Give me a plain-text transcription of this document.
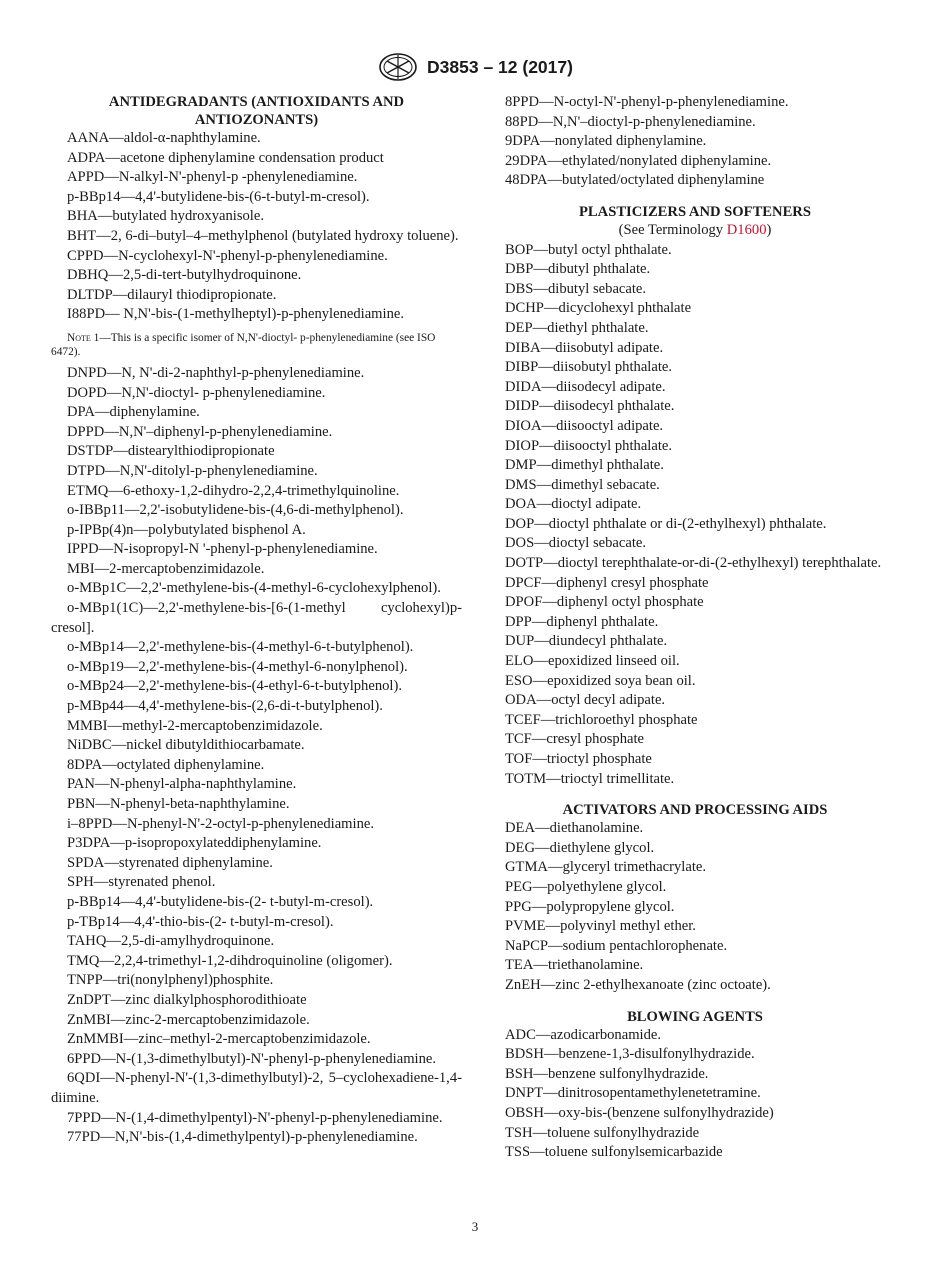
D3853 – 12 (2017)
ANTIDEGRADANTS (ANTIOXIDANTS AND ANTIOZONANTS)
AANA—aldol-α-naphthylamine.
ADPA—acetone diphenylamine condensation product
APPD—N-alkyl-N'-phenyl-p -phenylenediamine.
p-BBp14—4,4'-butylidene-bis-(6-t-butyl-m-cresol).
BHA—butylated hydroxyanisole.
BHT—2, 6-di–butyl–4–methylphenol (butylated hydroxy toluene).
CPPD—N-cyclohexyl-N'-phenyl-p-phenylenediamine.
DBHQ—2,5-di-tert-butylhydroquinone.
DLTDP—dilauryl thiodipropionate.
I88PD— N,N'-bis-(1-methylheptyl)-p-phenylenediamine.
Note 1—This is a specific isomer of N,N'-dioctyl- p-phenylenediamine (see ISO 6472).
DNPD—N, N'-di-2-naphthyl-p-phenylenediamine.
DOPD—N,N'-dioctyl- p-phenylenediamine.
DPA—diphenylamine.
DPPD—N,N'–diphenyl-p-phenylenediamine.
DSTDP—distearylthiodipropionate
DTPD—N,N'-ditolyl-p-phenylenediamine.
ETMQ—6-ethoxy-1,2-dihydro-2,2,4-trimethylquinoline.
o-IBBp11—2,2'-isobutylidene-bis-(4,6-di-methylphenol).
p-IPBp(4)n—polybutylated bisphenol A.
IPPD—N-isopropyl-N '-phenyl-p-phenylenediamine.
MBI—2-mercaptobenzimidazole.
o-MBp1C—2,2'-methylene-bis-(4-methyl-6-cyclohexylphenol).
o-MBp1(1C)—2,2'-methylene-bis-[6-(1-methyl cyclohexyl)p-cresol].
o-MBp14—2,2'-methylene-bis-(4-methyl-6-t-butylphenol).
o-MBp19—2,2'-methylene-bis-(4-methyl-6-nonylphenol).
o-MBp24—2,2'-methylene-bis-(4-ethyl-6-t-butylphenol).
p-MBp44—4,4'-methylene-bis-(2,6-di-t-butylphenol).
MMBI—methyl-2-mercaptobenzimidazole.
NiDBC—nickel dibutyldithiocarbamate.
8DPA—octylated diphenylamine.
PAN—N-phenyl-alpha-naphthylamine.
PBN—N-phenyl-beta-naphthylamine.
i–8PPD—N-phenyl-N'-2-octyl-p-phenylenediamine.
P3DPA—p-isopropoxylateddiphenylamine.
SPDA—styrenated diphenylamine.
SPH—styrenated phenol.
p-BBp14—4,4'-butylidene-bis-(2- t-butyl-m-cresol).
p-TBp14—4,4'-thio-bis-(2- t-butyl-m-cresol).
TAHQ—2,5-di-amylhydroquinone.
TMQ—2,2,4-trimethyl-1,2-dihdroquinoline (oligomer).
TNPP—tri(nonylphenyl)phosphite.
ZnDPT—zinc dialkylphosphorodithioate
ZnMBI—zinc-2-mercaptobenzimidazole.
ZnMMBI—zinc–methyl-2-mercaptobenzimidazole.
6PPD—N-(1,3-dimethylbutyl)-N'-phenyl-p-phenylenediamine.
6QDI—N-phenyl-N'-(1,3-dimethylbutyl)-2, 5–cyclohexadiene-1,4-diimine.
7PPD—N-(1,4-dimethylpentyl)-N'-phenyl-p-phenylenediamine.
77PD—N,N'-bis-(1,4-dimethylpentyl)-p-phenylenediamine.
8PPD—N-octyl-N'-phenyl-p-phenylenediamine.
88PD—N,N'–dioctyl-p-phenylenediamine.
9DPA—nonylated diphenylamine.
29DPA—ethylated/nonylated diphenylamine.
48DPA—butylated/octylated diphenylamine
PLASTICIZERS AND SOFTENERS
(See Terminology D1600)
BOP—butyl octyl phthalate.
DBP—dibutyl phthalate.
DBS—dibutyl sebacate.
DCHP—dicyclohexyl phthalate
DEP—diethyl phthalate.
DIBA—diisobutyl adipate.
DIBP—diisobutyl phthalate.
DIDA—diisodecyl adipate.
DIDP—diisodecyl phthalate.
DIOA—diisooctyl adipate.
DIOP—diisooctyl phthalate.
DMP—dimethyl phthalate.
DMS—dimethyl sebacate.
DOA—dioctyl adipate.
DOP—dioctyl phthalate or di-(2-ethylhexyl) phthalate.
DOS—dioctyl sebacate.
DOTP—dioctyl terephthalate-or-di-(2-ethylhexyl) terephthalate.
DPCF—diphenyl cresyl phosphate
DPOF—diphenyl octyl phosphate
DPP—diphenyl phthalate.
DUP—diundecyl phthalate.
ELO—epoxidized linseed oil.
ESO—epoxidized soya bean oil.
ODA—octyl decyl adipate.
TCEF—trichloroethyl phosphate
TCF—cresyl phosphate
TOF—trioctyl phosphate
TOTM—trioctyl trimellitate.
ACTIVATORS AND PROCESSING AIDS
DEA—diethanolamine.
DEG—diethylene glycol.
GTMA—glyceryl trimethacrylate.
PEG—polyethylene glycol.
PPG—polypropylene glycol.
PVME—polyvinyl methyl ether.
NaPCP—sodium pentachlorophenate.
TEA—triethanolamine.
ZnEH—zinc 2-ethylhexanoate (zinc octoate).
BLOWING AGENTS
ADC—azodicarbonamide.
BDSH—benzene-1,3-disulfonylhydrazide.
BSH—benzene sulfonylhydrazide.
DNPT—dinitrosopentamethylenetetramine.
OBSH—oxy-bis-(benzene sulfonylhydrazide)
TSH—toluene sulfonylhydrazide
TSS—toluene sulfonylsemicarbazide
3
